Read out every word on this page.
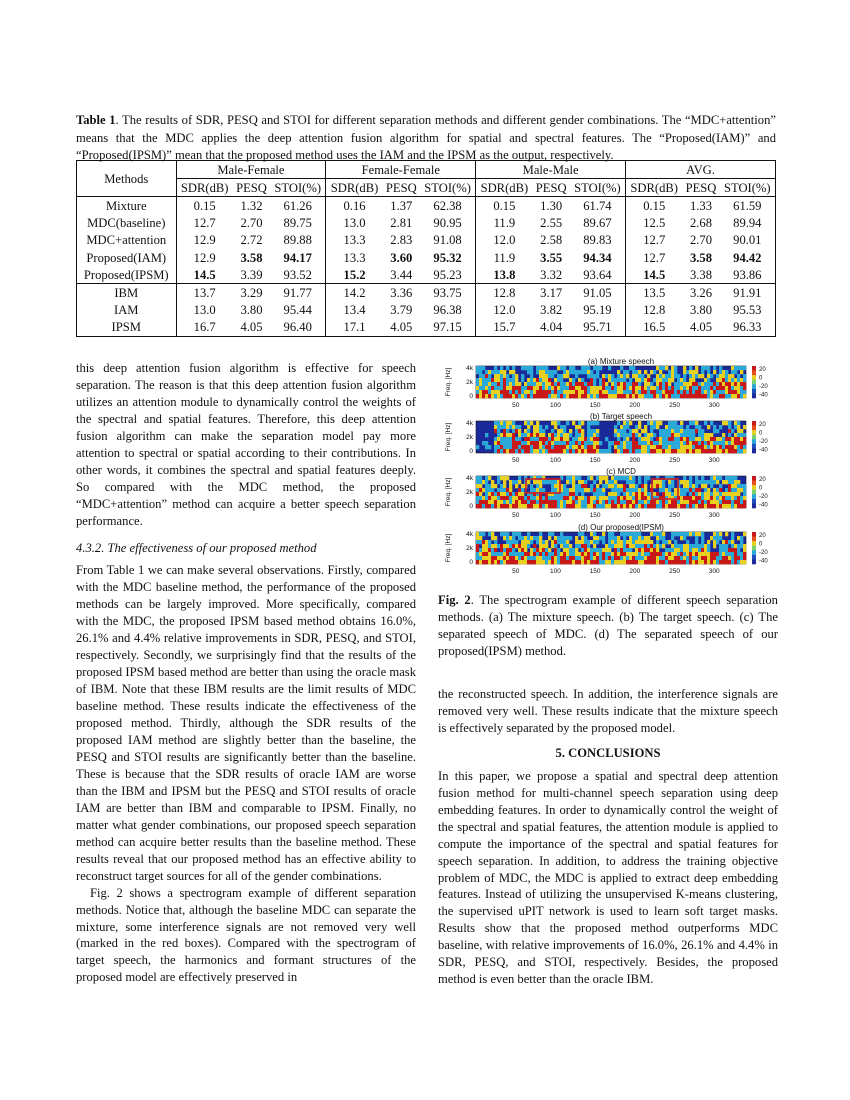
Table 1. The results of SDR, PESQ and STOI for different separation methods and different gender combinations. The “MDC+attention” means that the MDC applies the deep attention fusion algorithm for spatial and spectral features. The “Proposed(IAM)” and “Proposed(IPSM)” mean that the proposed method uses the IAM and the IPSM as the output, respectively.
Methods	Male-Female			Female-Female			Male-Male			AVG.		
	SDR(dB)	PESQ	STOI(%)	SDR(dB)	PESQ	STOI(%)	SDR(dB)	PESQ	STOI(%)	SDR(dB)	PESQ	STOI(%)
Mixture	0.15	1.32	61.26	0.16	1.37	62.38	0.15	1.30	61.74	0.15	1.33	61.59
MDC(baseline)	12.7	2.70	89.75	13.0	2.81	90.95	11.9	2.55	89.67	12.5	2.68	89.94
MDC+attention	12.9	2.72	89.88	13.3	2.83	91.08	12.0	2.58	89.83	12.7	2.70	90.01
Proposed(IAM)	12.9	3.58	94.17	13.3	3.60	95.32	11.9	3.55	94.34	12.7	3.58	94.42
Proposed(IPSM)	14.5	3.39	93.52	15.2	3.44	95.23	13.8	3.32	93.64	14.5	3.38	93.86
IBM	13.7	3.29	91.77	14.2	3.36	93.75	12.8	3.17	91.05	13.5	3.26	91.91
IAM	13.0	3.80	95.44	13.4	3.79	96.38	12.0	3.82	95.19	12.8	3.80	95.53
IPSM	16.7	4.05	96.40	17.1	4.05	97.15	15.7	4.04	95.71	16.5	4.05	96.33

this deep attention fusion algorithm is effective for speech separation. The reason is that this deep attention fusion algorithm utilizes an attention module to dynamically control the weights of the spectral and spatial features. Therefore, this deep attention fusion algorithm can make the separation model pay more attention to spectral or spatial according to their contributions. In other words, it combines the spectral and spatial features deeply. So compared with the MDC method, the proposed “MDC+attention” method can acquire a better speech separation performance.

4.3.2. The effectiveness of our proposed method

From Table 1 we can make several observations. Firstly, compared with the MDC baseline method, the performance of the proposed methods can be largely improved. More specifically, compared with the MDC, the proposed IPSM based method obtains 16.0%, 26.1% and 4.4% relative improvements in SDR, PESQ, and STOI, respectively. Secondly, we surprisingly find that the results of the proposed IPSM based method are better than using the oracle mask of IBM. Note that these IBM results are the limit results of MDC baseline method. These results indicate the effectiveness of the proposed method. Thirdly, although the SDR results of the proposed IAM method are slightly better than the baseline, the PESQ and STOI results are significantly better than the baseline. These is because that the SDR results of oracle IAM are worse than the IBM and IPSM but the PESQ and STOI results of oracle IAM are better than IBM and comparable to IPSM. Finally, no matter what gender combinations, our proposed speech separation method can acquire better results than the baseline method. These results reveal that our proposed method has an effective ability to reconstruct target sources for all of the gender combinations.

Fig. 2 shows a spectrogram example of different separation methods. Notice that, although the baseline MDC can separate the mixture, some interference signals are not removed very well (marked in the red boxes). Compared with the spectrogram of target speech, the harmonics and formant structures of the proposed model are effectively preserved in

(a) Mixture speech
4k
2k
0
Freq. [Hz]
50	100	150	200	250	300
20
0
-20
-40
(b) Target speech
4k
2k
0
Freq. [Hz]
50	100	150	200	250	300
20
0
-20
-40
(c) MCD
4k
2k
0
Freq. [Hz]
50	100	150	200	250	300
20
0
-20
-40
(d) Our proposed(IPSM)
4k
2k
0
Freq. [Hz]
50	100	150	200	250	300
20
0
-20
-40
Fig. 2. The spectrogram example of different speech separation methods. (a) The mixture speech. (b) The target speech. (c) The separated speech of MDC. (d) The separated speech of our proposed(IPSM) method.

the reconstructed speech. In addition, the interference signals are removed very well. These results indicate that the mixture speech is effectively separated by the proposed model.

5. CONCLUSIONS

In this paper, we propose a spatial and spectral deep attention fusion method for multi-channel speech separation using deep embedding features. In order to dynamically control the weight of the spectral and spatial features, the attention module is applied to compute the importance of the spectral and spatial features for speech separation. In addition, to address the training objective problem of MDC, the MDC is applied to extract deep embedding features. Instead of utilizing the unsupervised K-means clustering, the supervised uPIT network is used to learn soft target masks. Results show that the proposed method outperforms MDC baseline, with relative improvements of 16.0%, 26.1% and 4.4% in SDR, PESQ, and STOI, respectively. Besides, the proposed method is even better than the oracle IBM.
